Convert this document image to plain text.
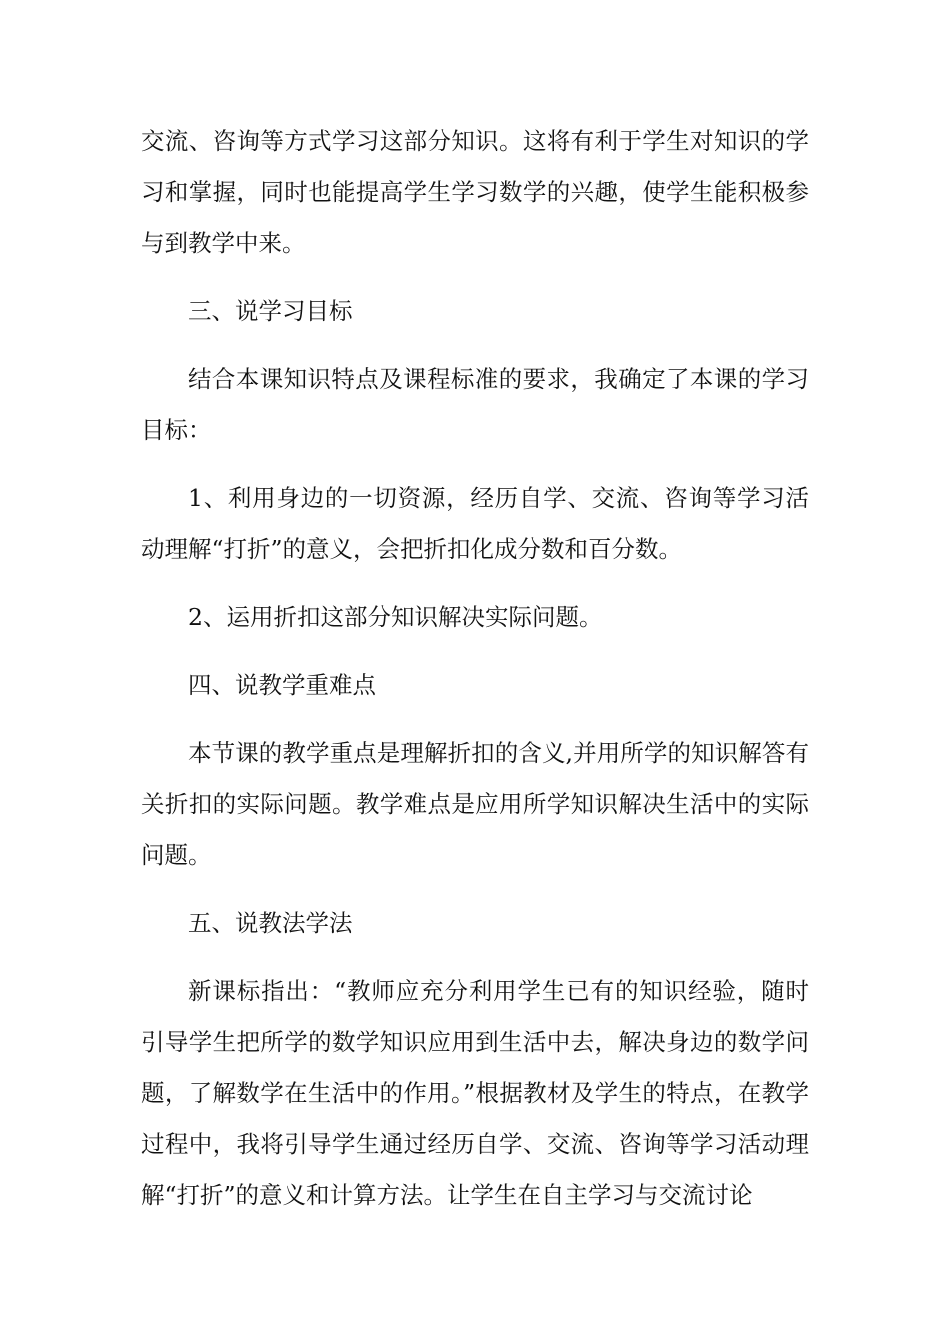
交流、咨询等方式学习这部分知识。这将有利于学生对知识的学习和掌握，同时也能提高学生学习数学的兴趣，使学生能积极参与到教学中来。

三、说学习目标

结合本课知识特点及课程标准的要求，我确定了本课的学习目标：

1、利用身边的一切资源，经历自学、交流、咨询等学习活动理解“打折”的意义，会把折扣化成分数和百分数。

2、运用折扣这部分知识解决实际问题。

四、说教学重难点

本节课的教学重点是理解折扣的含义,并用所学的知识解答有关折扣的实际问题。教学难点是应用所学知识解决生活中的实际问题。

五、说教法学法

新课标指出：“教师应充分利用学生已有的知识经验，随时引导学生把所学的数学知识应用到生活中去，解决身边的数学问题，了解数学在生活中的作用。”根据教材及学生的特点，在教学过程中，我将引导学生通过经历自学、交流、咨询等学习活动理解“打折”的意义和计算方法。让学生在自主学习与交流讨论
